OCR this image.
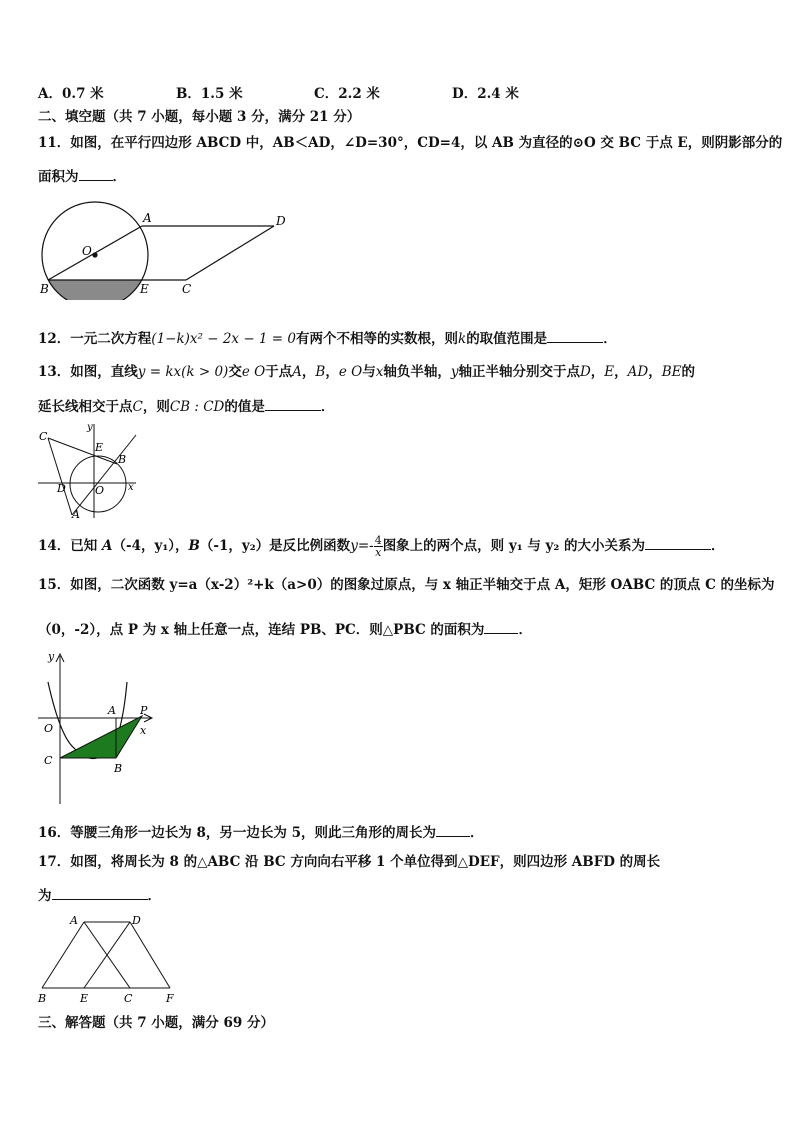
A．0.7 米	B．1.5 米	C．2.2 米	D．2.4 米
二、填空题（共 7 小题，每小题 3 分，满分 21 分）
11．如图，在平行四边形 ABCD 中，AB＜AD，∠D=30°，CD=4，以 AB 为直径的⊙O 交 BC 于点 E，则阴影部分的
面积为	．
A	D
O
B	E	C
12．一元二次方程(1−k)x² − 2x − 1 = 0有两个不相等的实数根，则k的取值范围是	．
13．如图，直线y = kx(k > 0)交e O于点A，B，e O与x轴负半轴，y轴正半轴分别交于点D，E，AD，BE的
延长线相交于点C，则CB : CD的值是	．
C
y
E
B
D	O x
A
14．已知 A（-4，y₁），B（-1，y₂）是反比例函数$y=- \frac{4}{x}$ 图象上的两个点，则 y₁ 与 y₂ 的大小关系为	．
15．如图，二次函数 y=a（x-2）²+k（a>0）的图象过原点，与 x 轴正半轴交于点 A，矩形 OABC 的顶点 C 的坐标为
（0，-2），点 P 为 x 轴上任意一点，连结 PB、PC．则△PBC 的面积为	．
y
A P
O	x
C
B
16．等腰三角形一边长为 8，另一边长为 5，则此三角形的周长为	．
17．如图，将周长为 8 的△ABC 沿 BC 方向向右平移 1 个单位得到△DEF，则四边形 ABFD 的周长
为	．
A	D
B	E	C	F
三、解答题（共 7 小题，满分 69 分）
